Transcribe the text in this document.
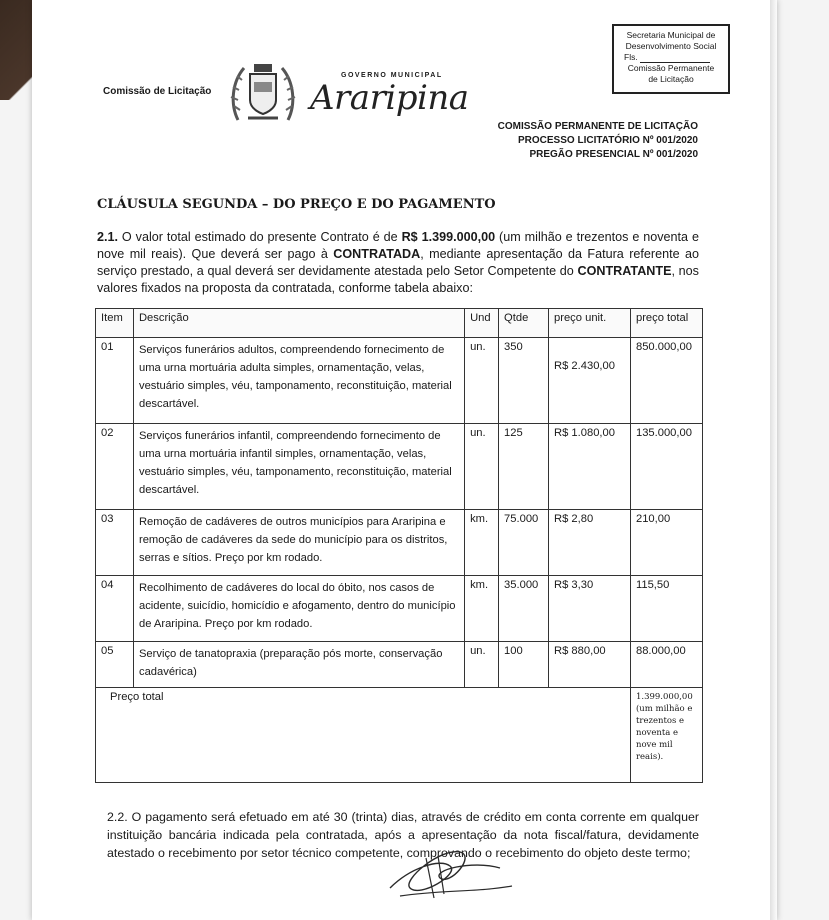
Secretaria Municipal de
Desenvolvimento Social
Fls.
Comissão Permanente
de Licitação
Comissão de Licitação
GOVERNO MUNICIPAL
Araripina
COMISSÃO PERMANENTE DE LICITAÇÃO
PROCESSO LICITATÓRIO Nº 001/2020
PREGÃO PRESENCIAL Nº 001/2020
CLÁUSULA SEGUNDA – DO PREÇO E DO PAGAMENTO
2.1. O valor total estimado do presente Contrato é de R$ 1.399.000,00 (um milhão e trezentos e noventa e nove mil reais). Que deverá ser pago à CONTRATADA, mediante apresentação da Fatura referente ao serviço prestado, a qual deverá ser devidamente atestada pelo Setor Competente do CONTRATANTE, nos valores fixados na proposta da contratada, conforme tabela abaixo:
Item	Descrição	Und	Qtde	preço unit.	preço total
01	Serviços funerários adultos, compreendendo fornecimento de uma urna mortuária adulta simples, ornamentação, velas, vestuário simples, véu, tamponamento, reconstituição, material descartável.	un.	350	R$ 2.430,00	850.000,00
02	Serviços funerários infantil, compreendendo fornecimento de uma urna mortuária infantil simples, ornamentação, velas, vestuário simples, véu, tamponamento, reconstituição, material descartável.	un.	125	R$ 1.080,00	135.000,00
03	Remoção de cadáveres de outros municípios para Araripina e remoção de cadáveres da sede do município para os distritos, serras e sítios. Preço por km rodado.	km.	75.000	R$ 2,80	210,00
04	Recolhimento de cadáveres do local do óbito, nos casos de acidente, suicídio, homicídio e afogamento, dentro do município de Araripina. Preço por km rodado.	km.	35.000	R$ 3,30	115,50
05	Serviço de tanatopraxia (preparação pós morte, conservação cadavérica)	un.	100	R$ 880,00	88.000,00
Preço total					1.399.000,00
(um milhão e trezentos e noventa e nove mil reais).
2.2. O pagamento será efetuado em até 30 (trinta) dias, através de crédito em conta corrente em qualquer instituição bancária indicada pela contratada, após a apresentação da nota fiscal/fatura, devidamente atestado o recebimento por setor técnico competente, comprovando o recebimento do objeto deste termo;
